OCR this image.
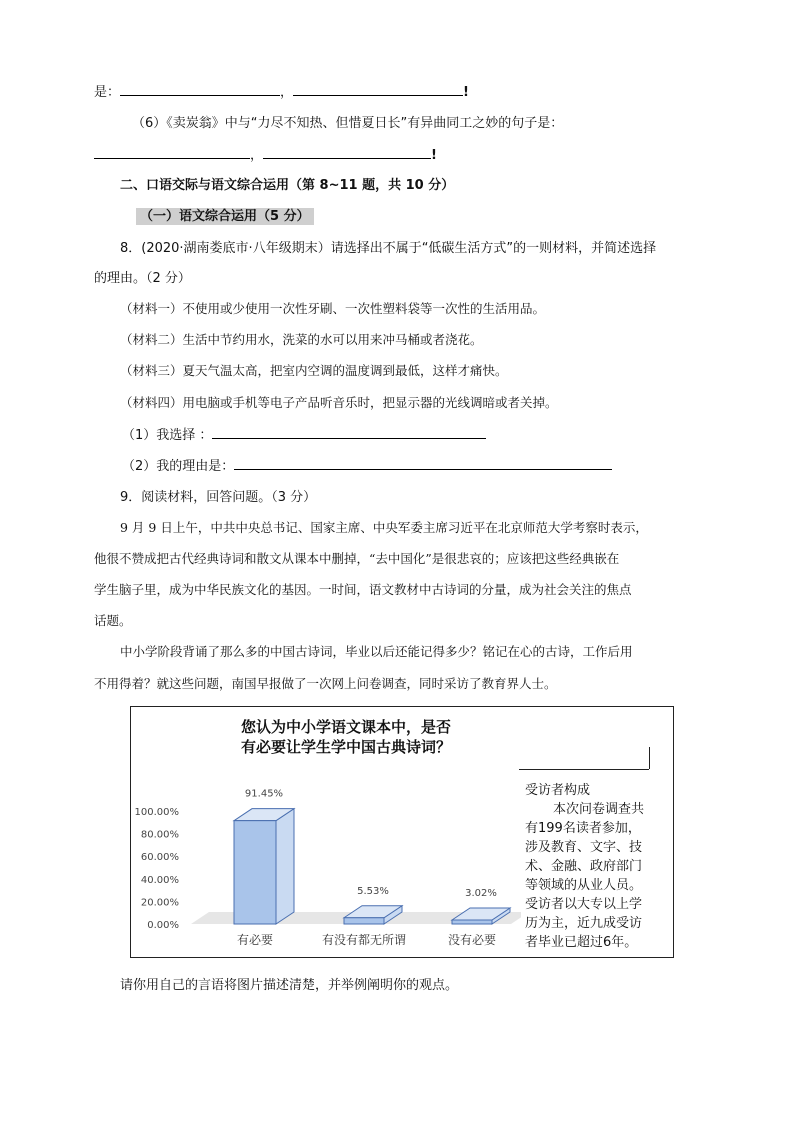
是：	，	!
（6）《卖炭翁》中与“力尽不知热、但惜夏日长”有异曲同工之妙的句子是：
，	!
二、口语交际与语文综合运用（第 8~11 题，共 10 分）
（一）语文综合运用（5 分）
8．(2020·湖南娄底市·八年级期末）请选择出不属于“低碳生活方式”的一则材料，并简述选择
的理由。（2 分）
（材料一）不使用或少使用一次性牙刷、一次性塑料袋等一次性的生活用品。
（材料二）生活中节约用水，洗菜的水可以用来冲马桶或者浇花。
（材料三）夏天气温太高，把室内空调的温度调到最低，这样才痛快。
（材料四）用电脑或手机等电子产品听音乐时，把显示器的光线调暗或者关掉。
（1）我选择 ：
（2）我的理由是：
9．阅读材料，回答问题。（3 分）
9 月 9 日上午，中共中央总书记、国家主席、中央军委主席习近平在北京师范大学考察时表示，
他很不赞成把古代经典诗词和散文从课本中删掉，“去中国化”是很悲哀的；应该把这些经典嵌在
学生脑子里，成为中华民族文化的基因。一时间，语文教材中古诗词的分量，成为社会关注的焦点
话题。
中小学阶段背诵了那么多的中国古诗词，毕业以后还能记得多少？铭记在心的古诗，工作后用
不用得着？就这些问题，南国早报做了一次网上问卷调查，同时采访了教育界人士。
您认为中小学语文课本中，是否
有必要让学生学中国古典诗词？
0.00%
20.00%
40.00%
60.00%
80.00%
100.00%
91.45%
有必要
5.53%
有没有都无所谓
3.02%
没有必要

受访者构成

本次问卷调查共

有199名读者参加，

涉及教育、文字、技

术、金融、政府部门

等领域的从业人员。

受访者以大专以上学

历为主，近九成受访

者毕业已超过6年。

请你用自己的言语将图片描述清楚，并举例阐明你的观点。
